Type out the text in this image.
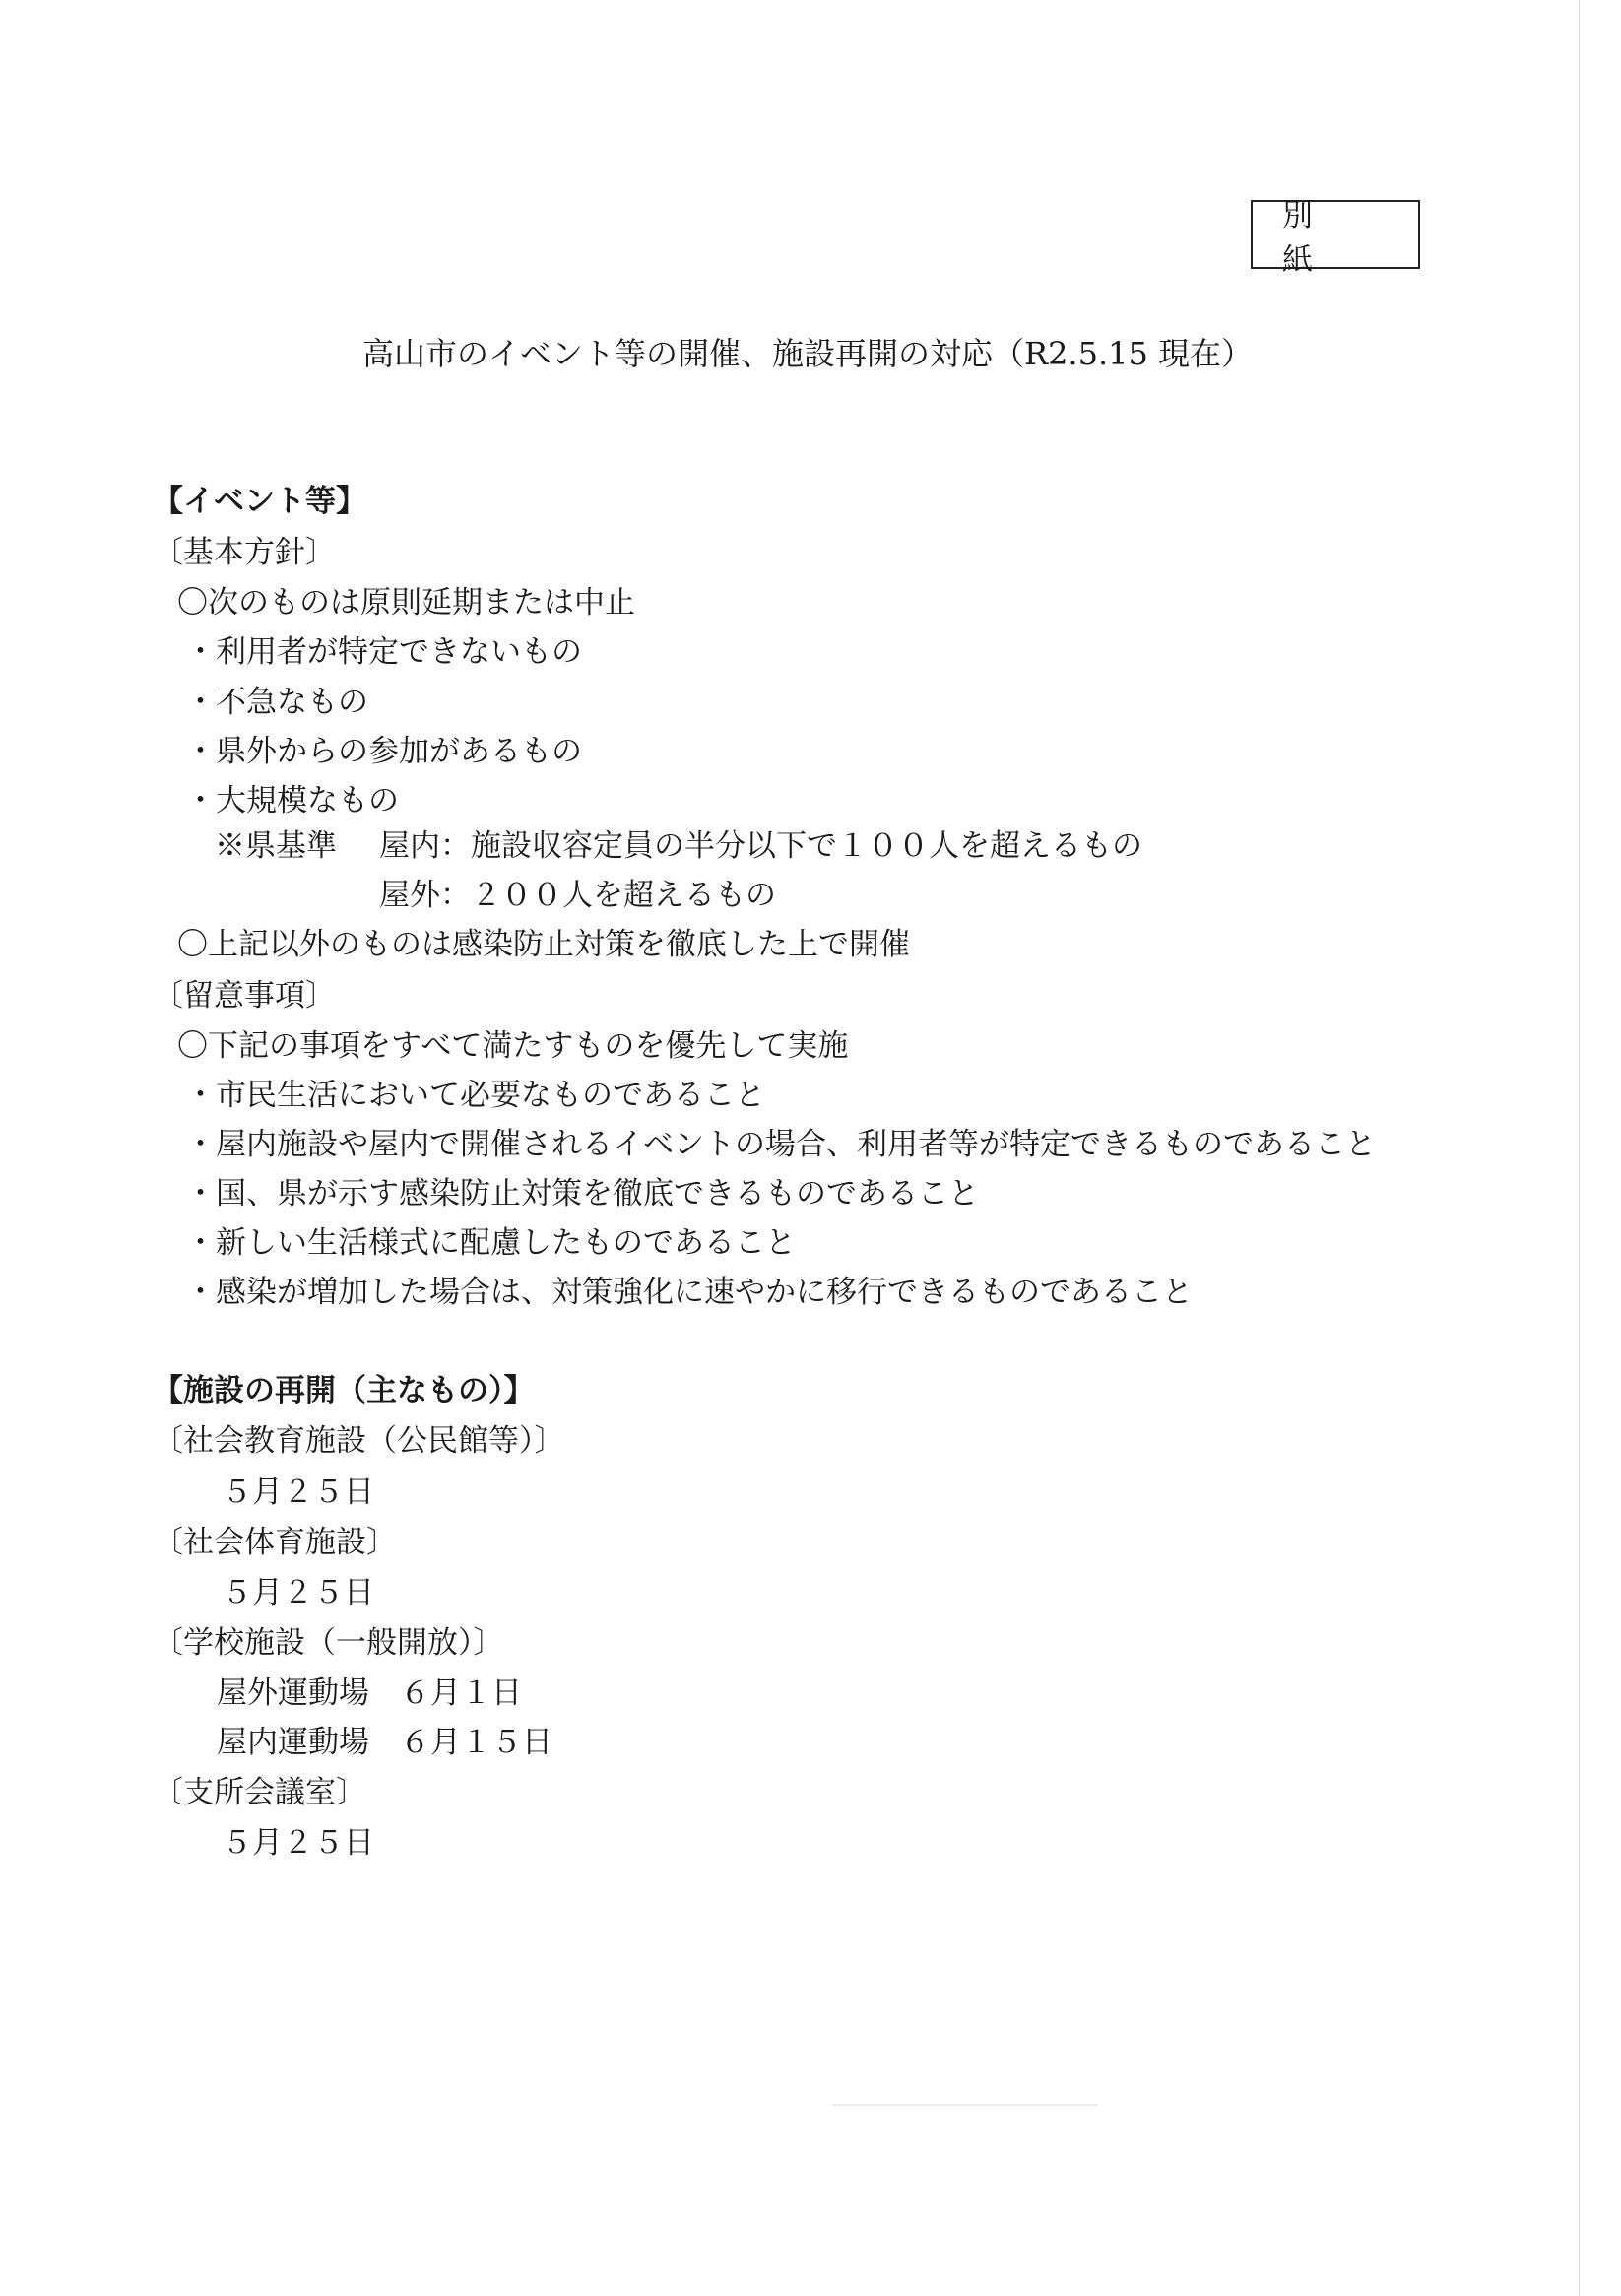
別 紙
高山市のイベント等の開催、施設再開の対応（R2.5.15 現在）
【イベント等】
〔基本方針〕
〇次のものは原則延期または中止
・利用者が特定できないもの
・不急なもの
・県外からの参加があるもの
・大規模なもの
※県基準 屋内：施設収容定員の半分以下で１００人を超えるもの
屋外：２００人を超えるもの
〇上記以外のものは感染防止対策を徹底した上で開催
〔留意事項〕
〇下記の事項をすべて満たすものを優先して実施
・市民生活において必要なものであること
・屋内施設や屋内で開催されるイベントの場合、利用者等が特定できるものであること
・国、県が示す感染防止対策を徹底できるものであること
・新しい生活様式に配慮したものであること
・感染が増加した場合は、対策強化に速やかに移行できるものであること
【施設の再開（主なもの）】
〔社会教育施設（公民館等）〕
５月２５日
〔社会体育施設〕
５月２５日
〔学校施設（一般開放）〕
屋外運動場　６月１日
屋内運動場　６月１５日
〔支所会議室〕
５月２５日
